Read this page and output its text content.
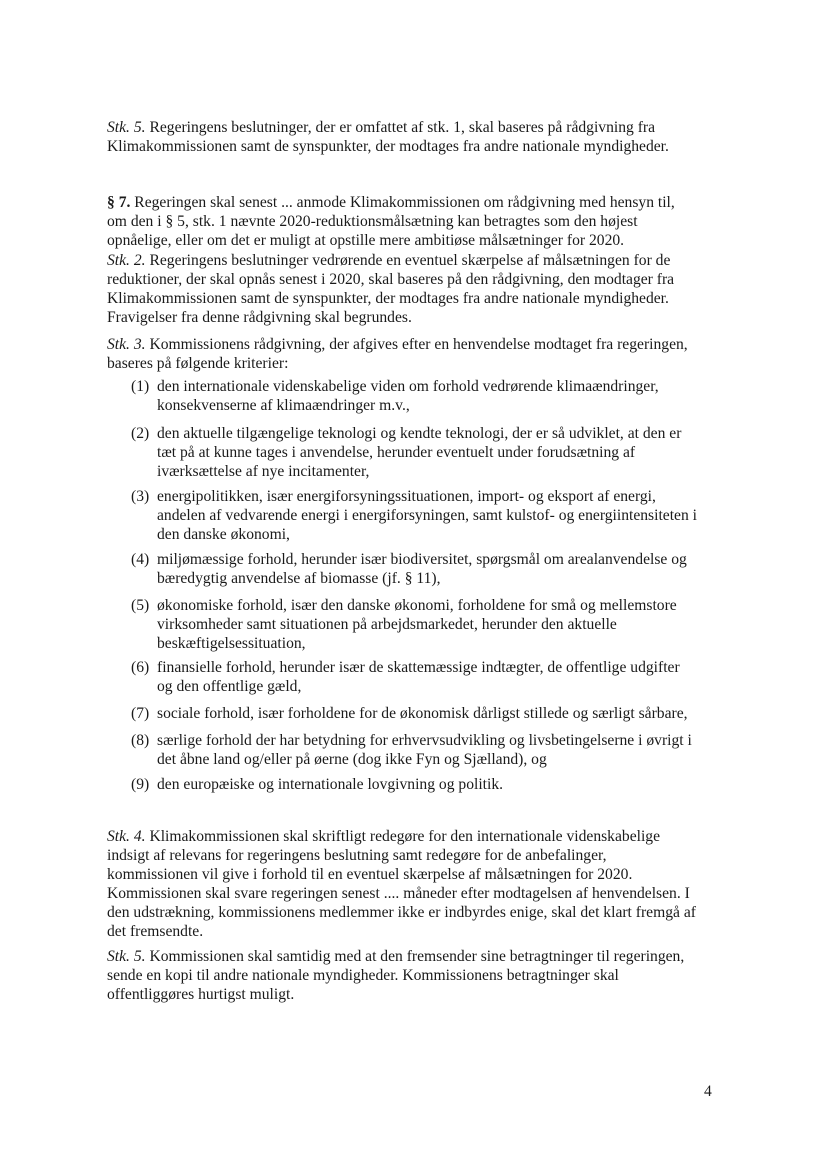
Stk. 5. Regeringens beslutninger, der er omfattet af stk. 1, skal baseres på rådgivning fra
Klimakommissionen samt de synspunkter, der modtages fra andre nationale myndigheder.
§ 7. Regeringen skal senest ... anmode Klimakommissionen om rådgivning med hensyn til,
om den i § 5, stk. 1 nævnte 2020-reduktionsmålsætning kan betragtes som den højest
opnåelige, eller om det er muligt at opstille mere ambitiøse målsætninger for 2020.
Stk. 2. Regeringens beslutninger vedrørende en eventuel skærpelse af målsætningen for de
reduktioner, der skal opnås senest i 2020, skal baseres på den rådgivning, den modtager fra
Klimakommissionen samt de synspunkter, der modtages fra andre nationale myndigheder.
Fravigelser fra denne rådgivning skal begrundes.
Stk. 3. Kommissionens rådgivning, der afgives efter en henvendelse modtaget fra regeringen,
baseres på følgende kriterier:
(1) den internationale videnskabelige viden om forhold vedrørende klimaændringer,
konsekvenserne af klimaændringer m.v.,
(2) den aktuelle tilgængelige teknologi og kendte teknologi, der er så udviklet, at den er
tæt på at kunne tages i anvendelse, herunder eventuelt under forudsætning af
iværksættelse af nye incitamenter,
(3) energipolitikken, især energiforsyningssituationen, import- og eksport af energi,
andelen af vedvarende energi i energiforsyningen, samt kulstof- og energiintensiteten i
den danske økonomi,
(4) miljømæssige forhold, herunder især biodiversitet, spørgsmål om arealanvendelse og
bæredygtig anvendelse af biomasse (jf. § 11),
(5) økonomiske forhold, især den danske økonomi, forholdene for små og mellemstore
virksomheder samt situationen på arbejdsmarkedet, herunder den aktuelle
beskæftigelsessituation,
(6) finansielle forhold, herunder især de skattemæssige indtægter, de offentlige udgifter
og den offentlige gæld,
(7) sociale forhold, især forholdene for de økonomisk dårligst stillede og særligt sårbare,
(8) særlige forhold der har betydning for erhvervsudvikling og livsbetingelserne i øvrigt i
det åbne land og/eller på øerne (dog ikke Fyn og Sjælland), og
(9) den europæiske og internationale lovgivning og politik.
Stk. 4. Klimakommissionen skal skriftligt redegøre for den internationale videnskabelige
indsigt af relevans for regeringens beslutning samt redegøre for de anbefalinger,
kommissionen vil give i forhold til en eventuel skærpelse af målsætningen for 2020.
Kommissionen skal svare regeringen senest .... måneder efter modtagelsen af henvendelsen. I
den udstrækning, kommissionens medlemmer ikke er indbyrdes enige, skal det klart fremgå af
det fremsendte.
Stk. 5. Kommissionen skal samtidig med at den fremsender sine betragtninger til regeringen,
sende en kopi til andre nationale myndigheder. Kommissionens betragtninger skal
offentliggøres hurtigst muligt.
4
